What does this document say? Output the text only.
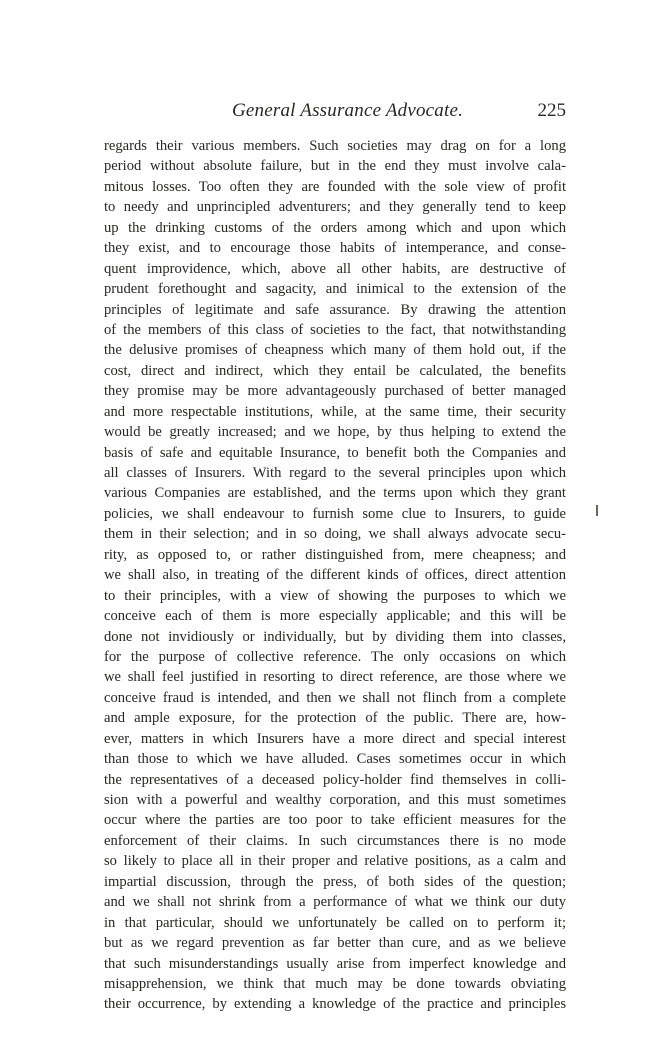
General Assurance Advocate.	225
regards their various members. Such societies may drag on for a long
period without absolute failure, but in the end they must involve cala-
mitous losses. Too often they are founded with the sole view of profit
to needy and unprincipled adventurers; and they generally tend to keep
up the drinking customs of the orders among which and upon which
they exist, and to encourage those habits of intemperance, and conse-
quent improvidence, which, above all other habits, are destructive of
prudent forethought and sagacity, and inimical to the extension of the
principles of legitimate and safe assurance. By drawing the attention
of the members of this class of societies to the fact, that notwithstanding
the delusive promises of cheapness which many of them hold out, if the
cost, direct and indirect, which they entail be calculated, the benefits
they promise may be more advantageously purchased of better managed
and more respectable institutions, while, at the same time, their security
would be greatly increased; and we hope, by thus helping to extend the
basis of safe and equitable Insurance, to benefit both the Companies and
all classes of Insurers. With regard to the several principles upon which
various Companies are established, and the terms upon which they grant
policies, we shall endeavour to furnish some clue to Insurers, to guide
them in their selection; and in so doing, we shall always advocate secu-
rity, as opposed to, or rather distinguished from, mere cheapness; and
we shall also, in treating of the different kinds of offices, direct attention
to their principles, with a view of showing the purposes to which we
conceive each of them is more especially applicable; and this will be
done not invidiously or individually, but by dividing them into classes,
for the purpose of collective reference. The only occasions on which
we shall feel justified in resorting to direct reference, are those where we
conceive fraud is intended, and then we shall not flinch from a complete
and ample exposure, for the protection of the public. There are, how-
ever, matters in which Insurers have a more direct and special interest
than those to which we have alluded. Cases sometimes occur in which
the representatives of a deceased policy-holder find themselves in colli-
sion with a powerful and wealthy corporation, and this must sometimes
occur where the parties are too poor to take efficient measures for the
enforcement of their claims. In such circumstances there is no mode
so likely to place all in their proper and relative positions, as a calm and
impartial discussion, through the press, of both sides of the question;
and we shall not shrink from a performance of what we think our duty
in that particular, should we unfortunately be called on to perform it;
but as we regard prevention as far better than cure, and as we believe
that such misunderstandings usually arise from imperfect knowledge and
misapprehension, we think that much may be done towards obviating
their occurrence, by extending a knowledge of the practice and principles
